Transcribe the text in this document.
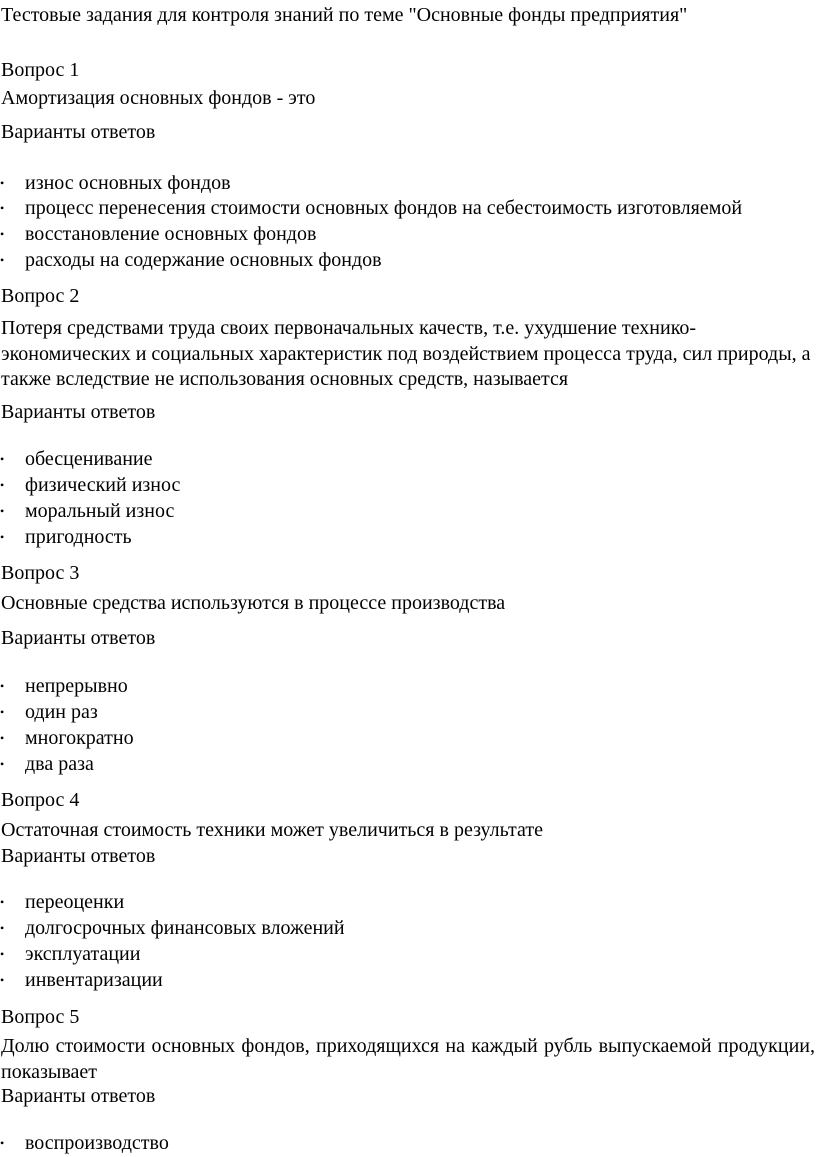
Тестовые задания для контроля знаний по теме "Основные фонды предприятия"
Вопрос 1
Амортизация основных фондов - это
Варианты ответов
• износ основных фондов
• процесс перенесения стоимости основных фондов на себестоимость изготовляемой
• восстановление основных фондов
• расходы на содержание основных фондов
Вопрос 2
Потеря средствами труда своих первоначальных качеств, т.е. ухудшение технико-экономических и социальных характеристик под воздействием процесса труда, сил природы, а также вследствие не использования основных средств, называется
Варианты ответов
• обесценивание
• физический износ
• моральный износ
• пригодность
Вопрос 3
Основные средства используются в процессе производства
Варианты ответов
• непрерывно
• один раз
• многократно
• два раза
Вопрос 4
Остаточная стоимость техники может увеличиться в результате
Варианты ответов
• переоценки
• долгосрочных финансовых вложений
• эксплуатации
• инвентаризации
Вопрос 5
Долю стоимости основных фондов, приходящихся на каждый рубль выпускаемой продукции, показывает
Варианты ответов
• воспроизводство
